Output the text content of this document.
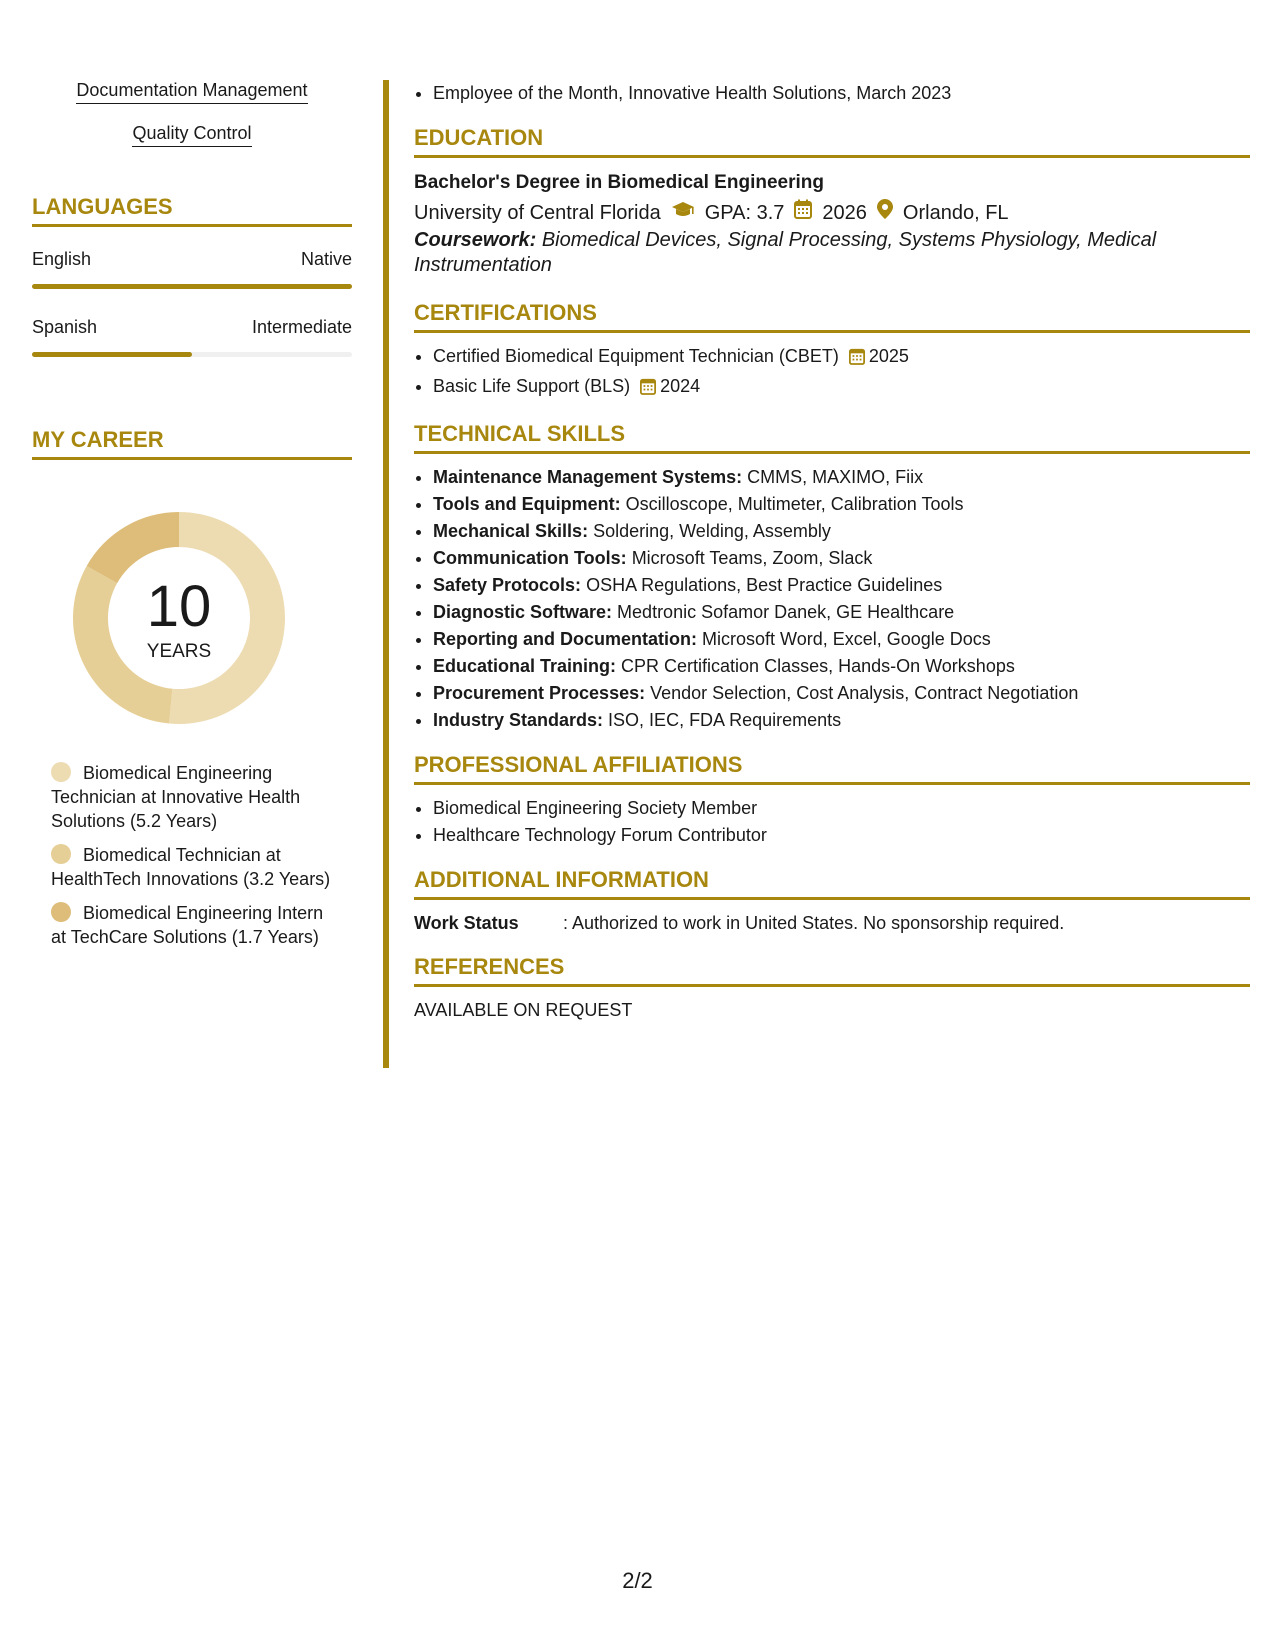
Documentation Management
Quality Control
LANGUAGES
English	Native
Spanish	Intermediate
MY CAREER
10
YEARS
Biomedical Engineering Technician at Innovative Health Solutions (5.2 Years)
Biomedical Technician at HealthTech Innovations (3.2 Years)
Biomedical Engineering Intern at TechCare Solutions (1.7 Years)
• Employee of the Month, Innovative Health Solutions, March 2023
EDUCATION
Bachelor's Degree in Biomedical Engineering
University of Central Florida GPA: 3.7 2026 Orlando, FL
Coursework: Biomedical Devices, Signal Processing, Systems Physiology, Medical Instrumentation
CERTIFICATIONS
• Certified Biomedical Equipment Technician (CBET) 2025
• Basic Life Support (BLS) 2024
TECHNICAL SKILLS
• Maintenance Management Systems: CMMS, MAXIMO, Fiix
• Tools and Equipment: Oscilloscope, Multimeter, Calibration Tools
• Mechanical Skills: Soldering, Welding, Assembly
• Communication Tools: Microsoft Teams, Zoom, Slack
• Safety Protocols: OSHA Regulations, Best Practice Guidelines
• Diagnostic Software: Medtronic Sofamor Danek, GE Healthcare
• Reporting and Documentation: Microsoft Word, Excel, Google Docs
• Educational Training: CPR Certification Classes, Hands-On Workshops
• Procurement Processes: Vendor Selection, Cost Analysis, Contract Negotiation
• Industry Standards: ISO, IEC, FDA Requirements
PROFESSIONAL AFFILIATIONS
• Biomedical Engineering Society Member
• Healthcare Technology Forum Contributor
ADDITIONAL INFORMATION
Work Status	: Authorized to work in United States. No sponsorship required.
REFERENCES
AVAILABLE ON REQUEST
2/2
